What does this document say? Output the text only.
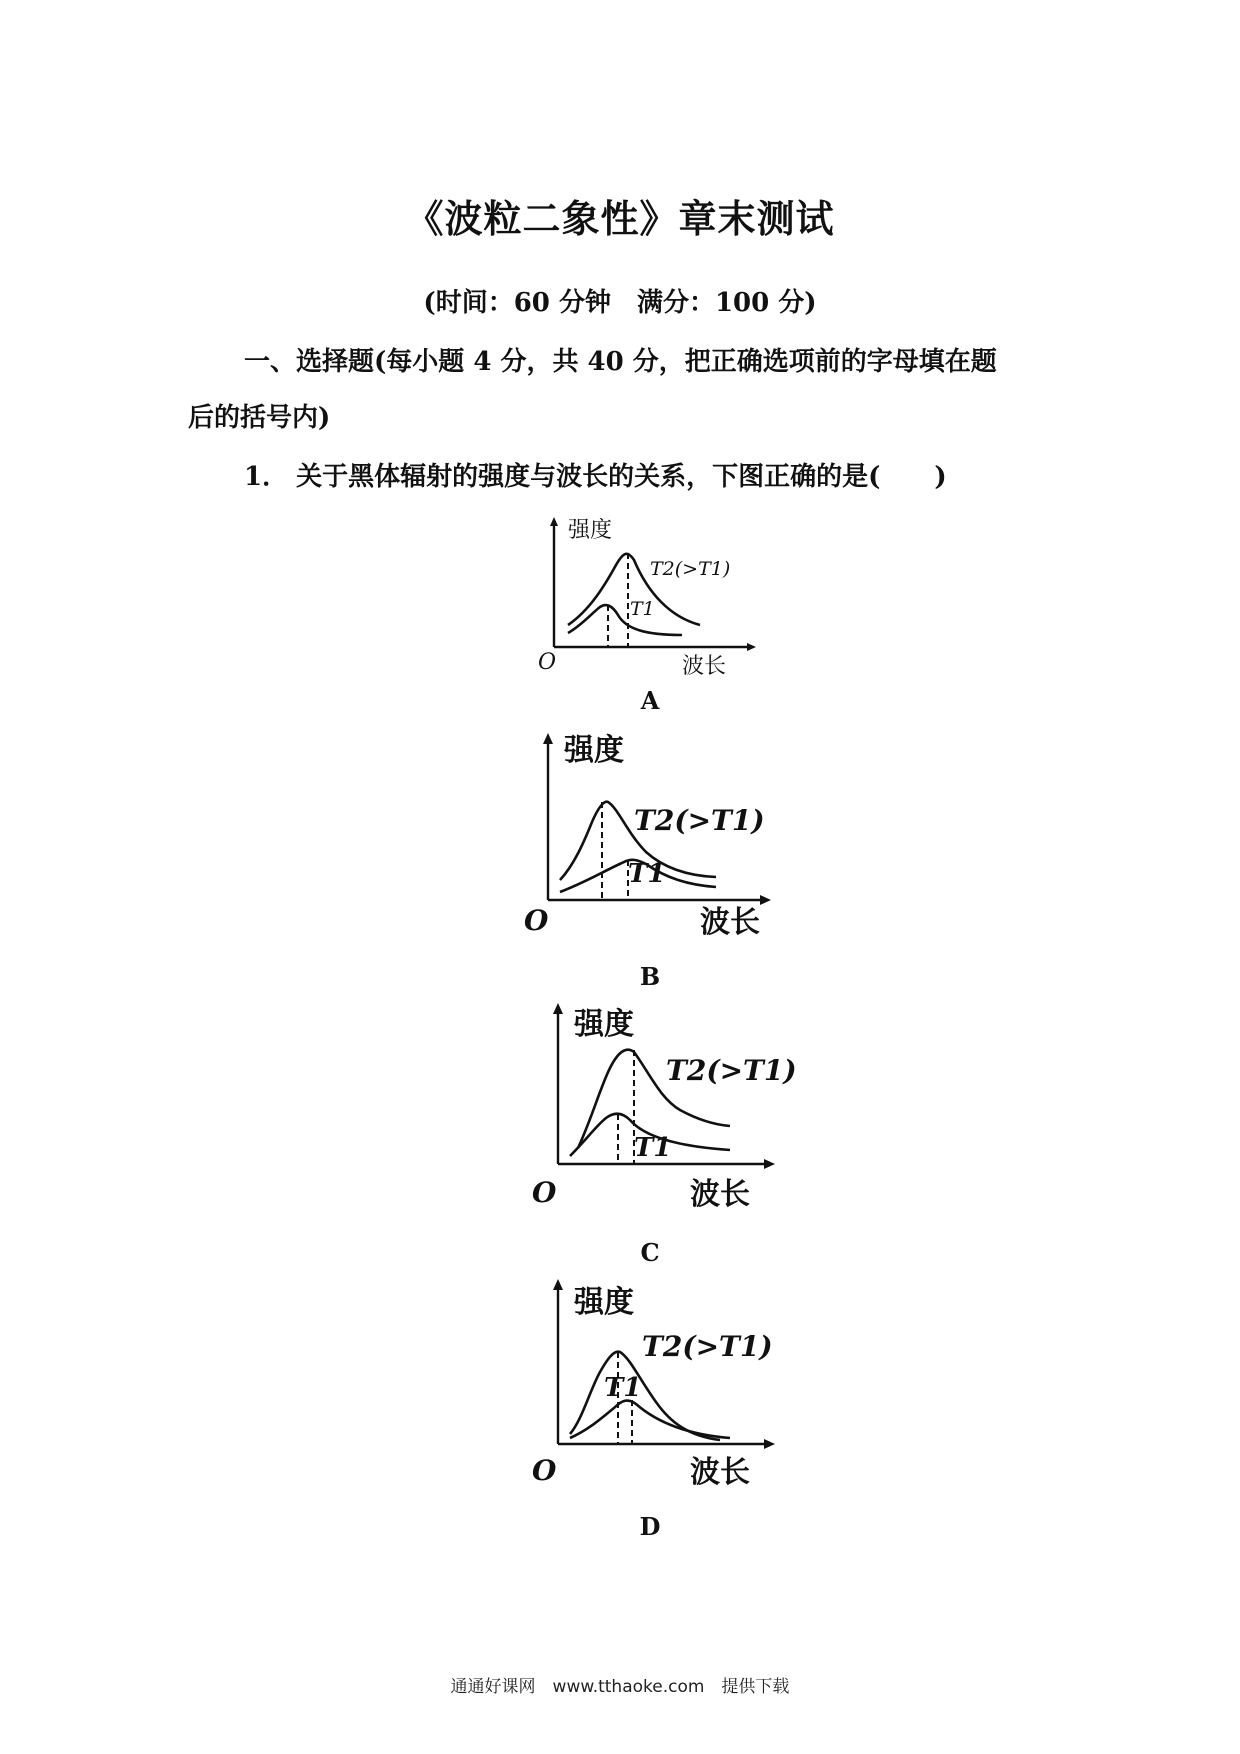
《波粒二象性》章末测试
(时间：60 分钟　满分：100 分)
一、选择题(每小题 4 分，共 40 分，把正确选项前的字母填在题
后的括号内)
1． 关于黑体辐射的强度与波长的关系，下图正确的是( )
强度
T2(>T1)
T1
O	波长
A
强度
T2(>T1)
T1
O	波长
B
强度
T2(>T1)
T1
O	波长
C
强度
T2(>T1)
T1
O	波长
D
通通好课网　www.tthaoke.com　提供下载
